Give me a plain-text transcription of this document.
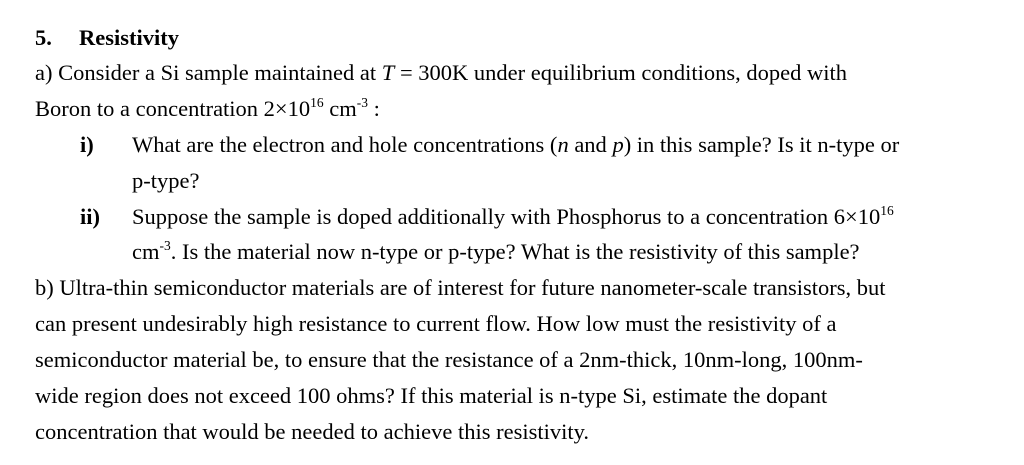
5. Resistivity
a) Consider a Si sample maintained at T = 300K under equilibrium conditions, doped with
Boron to a concentration $2\times 10^{16}$ $cm^{-3}$ :
i) What are the electron and hole concentrations (n and p) in this sample? Is it n-type or
p-type?
ii) Suppose the sample is doped additionally with Phosphorus to a concentration $6\times 10^{16}$
$cm^{-3}$. Is the material now n-type or p-type? What is the resistivity of this sample?
b) Ultra-thin semiconductor materials are of interest for future nanometer-scale transistors, but
can present undesirably high resistance to current flow. How low must the resistivity of a
semiconductor material be, to ensure that the resistance of a 2nm-thick, 10nm-long, 100nm-
wide region does not exceed 100 ohms? If this material is n-type Si, estimate the dopant
concentration that would be needed to achieve this resistivity.
